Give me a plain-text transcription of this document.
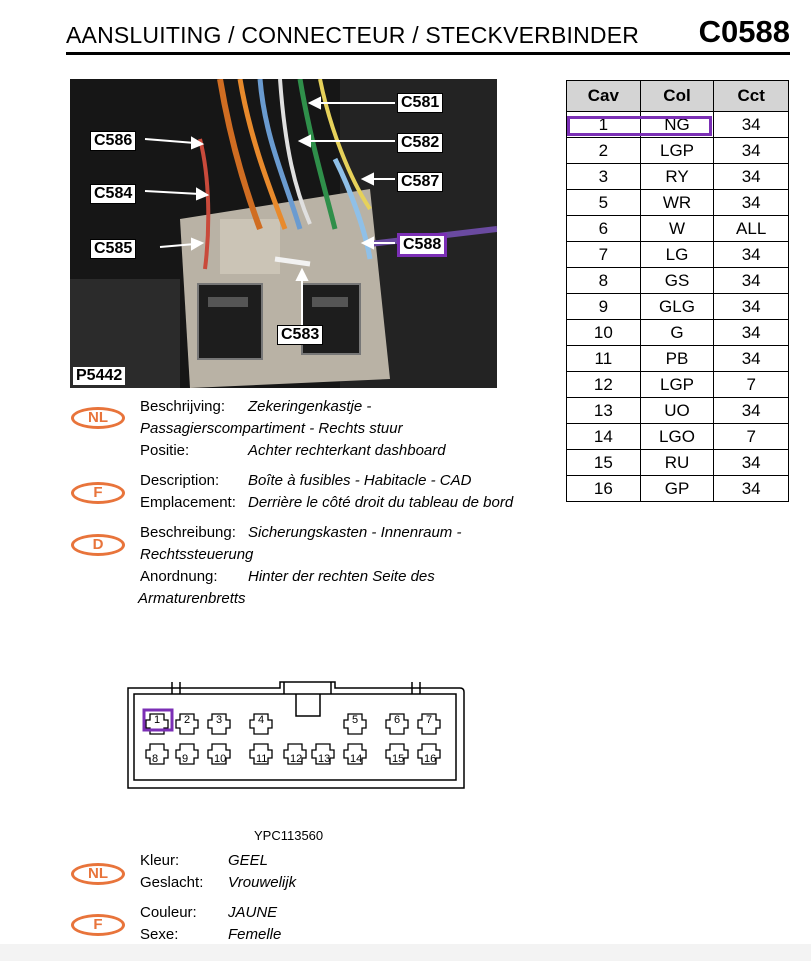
AANSLUITING / CONNECTEUR / STECKVERBINDER C0588
C581
C586	C582
C584
C587
C585	C588
C583
P5442
Cav	Col	Cct
1	NG	34
2	LGP	34
3	RY	34
5	WR	34
6	W	ALL
7	LG	34
8	GS	34
9	GLG	34
10	G	34
11	PB	34
12	LGP	7
13	UO	34
14	LGO	7
15	RU	34
16	GP	34
NL
Beschrijving: Zekeringenkastje -
Passagierscompartiment - Rechts stuur
Positie:	Achter rechterkant dashboard
F
Description: Boîte à fusibles - Habitacle - CAD
Emplacement: Derrière le côté droit du tableau de bord
D
Beschreibung: Sicherungskasten - Innenraum -
Rechtssteuerung
Anordnung: Hinter der rechten Seite des
Armaturenbretts
YPC113560
1 2 3	4	5	6 7
8 9 10	11 12 13 14	15 16
NL
Kleur:	GEEL
Geslacht: Vrouwelijk
F
Couleur: JAUNE
Sexe:	Femelle
